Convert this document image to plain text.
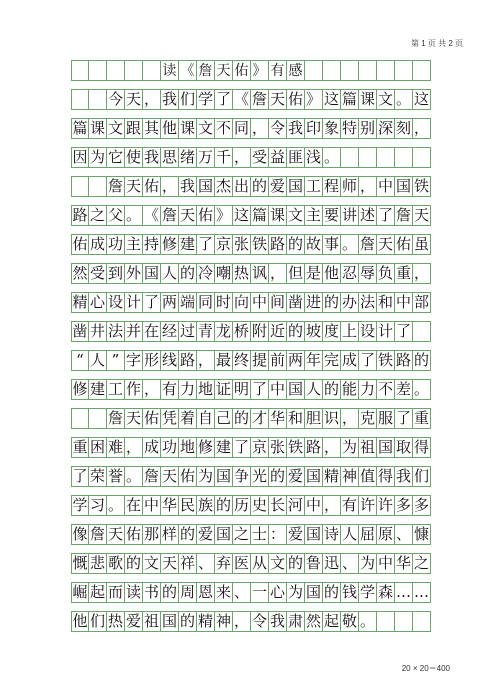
第 1 页 共 2 页
读 《 詹 天 佑 》 有 感
今 天 ， 我 们 学 了 《 詹 天 佑 》 这 篇 课 文 。 这
篇 课 文 跟 其 他 课 文 不 同 ， 令 我 印 象 特 别 深 刻 ，
因 为 它 使 我 思 绪 万 千 ， 受 益 匪 浅 。
詹 天 佑 ， 我 国 杰 出 的 爱 国 工 程 师 ， 中 国 铁
路 之 父 。 《 詹 天 佑 》 这 篇 课 文 主 要 讲 述 了 詹 天
佑 成 功 主 持 修 建 了 京 张 铁 路 的 故 事 。 詹 天 佑 虽
然 受 到 外 国 人 的 冷 嘲 热 讽 ， 但 是 他 忍 辱 负 重 ，
精 心 设 计 了 两 端 同 时 向 中 间 凿 进 的 办 法 和 中 部
凿 井 法 并 在 经 过 青 龙 桥 附 近 的 坡 度 上 设 计 了
“ 人 ” 字 形 线 路 ， 最 终 提 前 两 年 完 成 了 铁 路 的
修 建 工 作 ， 有 力 地 证 明 了 中 国 人 的 能 力 不 差 。
詹 天 佑 凭 着 自 己 的 才 华 和 胆 识 ， 克 服 了 重
重 困 难 ， 成 功 地 修 建 了 京 张 铁 路 ， 为 祖 国 取 得
了 荣 誉 。 詹 天 佑 为 国 争 光 的 爱 国 精 神 值 得 我 们
学 习 。 在 中 华 民 族 的 历 史 长 河 中 ， 有 许 许 多 多
像 詹 天 佑 那 样 的 爱 国 之 士 ： 爱 国 诗 人 屈 原 、 慷
慨 悲 歌 的 文 天 祥 、 弃 医 从 文 的 鲁 迅 、 为 中 华 之
崛 起 而 读 书 的 周 恩 来 、 一 心 为 国 的 钱 学 森 … …
他 们 热 爱 祖 国 的 精 神 ， 令 我 肃 然 起 敬 。
20 × 20＝400
